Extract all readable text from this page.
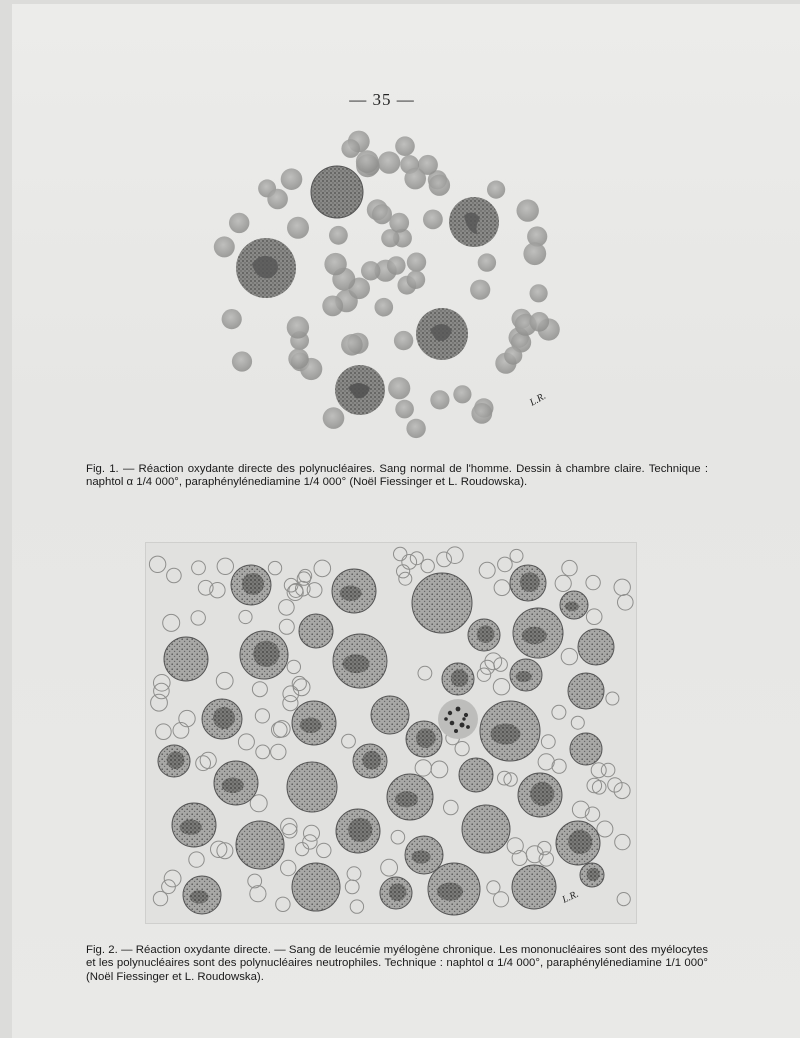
— 35 —
L.R.
Fig. 1. — Réaction oxydante directe des polynucléaires. Sang normal de l'homme. Dessin à chambre claire. Technique : naphtol α 1/4 000°, paraphénylénediamine 1/4 000° (Noël Fiessinger et L. Roudowska).
L.R.
Fig. 2. — Réaction oxydante directe. — Sang de leucémie myélogène chronique. Les mononucléaires sont des myélocytes et les polynucléaires sont des polynucléaires neutrophiles. Technique : naphtol α 1/4 000°, paraphénylénediamine 1/1 000° (Noël Fiessinger et L. Roudowska).
